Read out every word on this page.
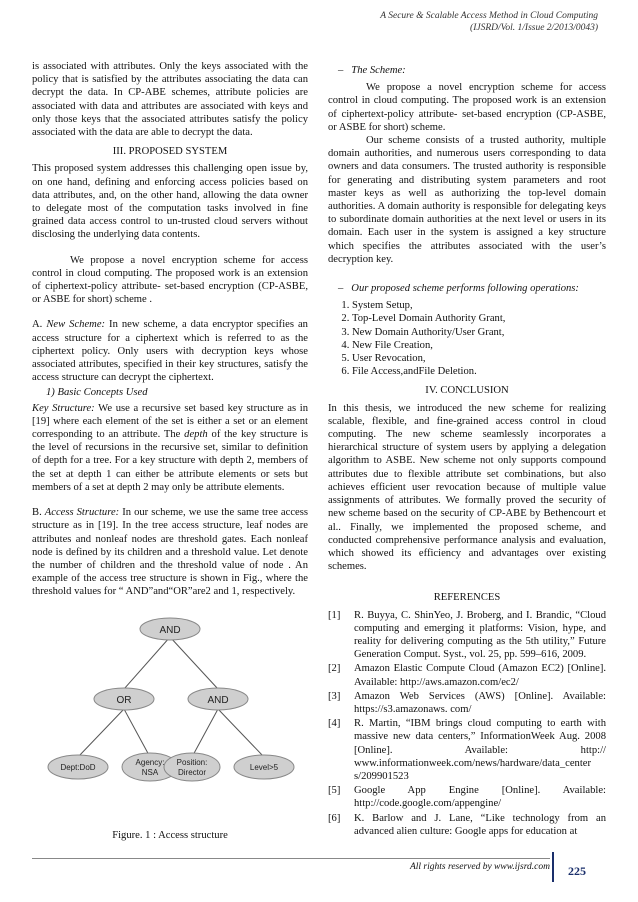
A Secure & Scalable Access Method in Cloud Computing
(IJSRD/Vol. 1/Issue 2/2013/0043)

is associated with attributes. Only the keys associated with the policy that is satisfied by the attributes associating the data can decrypt the data. In CP-ABE schemes, attribute policies are associated with data and attributes are associated with keys and only those keys that the associated attributes satisfy the policy associated with the data are able to decrypt the data.

III. PROPOSED SYSTEM

This proposed system addresses this challenging open issue by, on one hand, defining and enforcing access policies based on data attributes, and, on the other hand, allowing the data owner to delegate most of the computation tasks involved in fine grained data access control to un-trusted cloud servers without disclosing the underlying data contents.

We propose a novel encryption scheme for access control in cloud computing. The proposed work is an extension of ciphertext-policy attribute- set-based encryption (CP-ASBE, or ASBE for short) scheme .

A. New Scheme: In new scheme, a data encryptor specifies an access structure for a ciphertext which is referred to as the ciphertext policy. Only users with decryption keys whose associated attributes, specified in their key structures, satisfy the access structure can decrypt the ciphertext.

1) Basic Concepts Used

Key Structure: We use a recursive set based key structure as in [19] where each element of the set is either a set or an element corresponding to an attribute. The depth of the key structure is the level of recursions in the recursive set, similar to definition of depth for a tree. For a key structure with depth 2, members of the set at depth 1 can either be attribute elements or sets but members of a set at depth 2 may only be attribute elements.

B. Access Structure: In our scheme, we use the same tree access structure as in [19]. In the tree access structure, leaf nodes are attributes and nonleaf nodes are threshold gates. Each nonleaf node is defined by its children and a threshold value. Let denote the number of children and the threshold value of node . An example of the access tree structure is shown in Fig., where the threshold values for “ AND”and“OR”are2 and 1, respectively.

AND
OR	AND
Dept:DoD
Agency:
NSA
Position:
Director
Level>5

Figure. 1 : Access structure

– The Scheme:

We propose a novel encryption scheme for access control in cloud computing. The proposed work is an extension of ciphertext-policy attribute- set-based encryption (CP-ASBE, or ASBE for short) scheme.

Our scheme consists of a trusted authority, multiple domain authorities, and numerous users corresponding to data owners and data consumers. The trusted authority is responsible for generating and distributing system parameters and root master keys as well as authorizing the top-level domain authorities. A domain authority is responsible for delegating keys to subordinate domain authorities at the next level or users in its domain. Each user in the system is assigned a key structure which specifies the attributes associated with the user’s decryption key.

– Our proposed scheme performs following operations:
1. System Setup,
2. Top-Level Domain Authority Grant,
3. New Domain Authority/User Grant,
4. New File Creation,
5. User Revocation,
6. File Access,andFile Deletion.

IV. CONCLUSION

In this thesis, we introduced the new scheme for realizing scalable, flexible, and fine-grained access control in cloud computing. The new scheme seamlessly incorporates a hierarchical structure of system users by applying a delegation algorithm to ASBE. New scheme not only supports compound attributes due to flexible attribute set combinations, but also achieves efficient user revocation because of multiple value assignments of attributes. We formally proved the security of new scheme based on the security of CP-ABE by Bethencourt et al.. Finally, we implemented the proposed scheme, and conducted comprehensive performance analysis and evaluation, which showed its efficiency and advantages over existing schemes.

REFERENCES

[1]	R. Buyya, C. ShinYeo, J. Broberg, and I. Brandic, “Cloud computing and emerging it platforms: Vision, hype, and reality for delivering computing as the 5th utility,” Future Generation Comput. Syst., vol. 25, pp. 599–616, 2009.
[2]	Amazon Elastic Compute Cloud (Amazon EC2) [Online]. Available: http://aws.amazon.com/ec2/
[3]	Amazon Web Services (AWS) [Online]. Available: https://s3.amazonaws. com/
[4]	R. Martin, “IBM brings cloud computing to earth with massive new data centers,” InformationWeek Aug. 2008 [Online]. Available: http:// www.informationweek.com/news/hardware/data_center s/209901523
[5]	Google App Engine [Online]. Available: http://code.google.com/appengine/
[6]	K. Barlow and J. Lane, “Like technology from an advanced alien culture: Google apps for education at
All rights reserved by www.ijsrd.com 225
